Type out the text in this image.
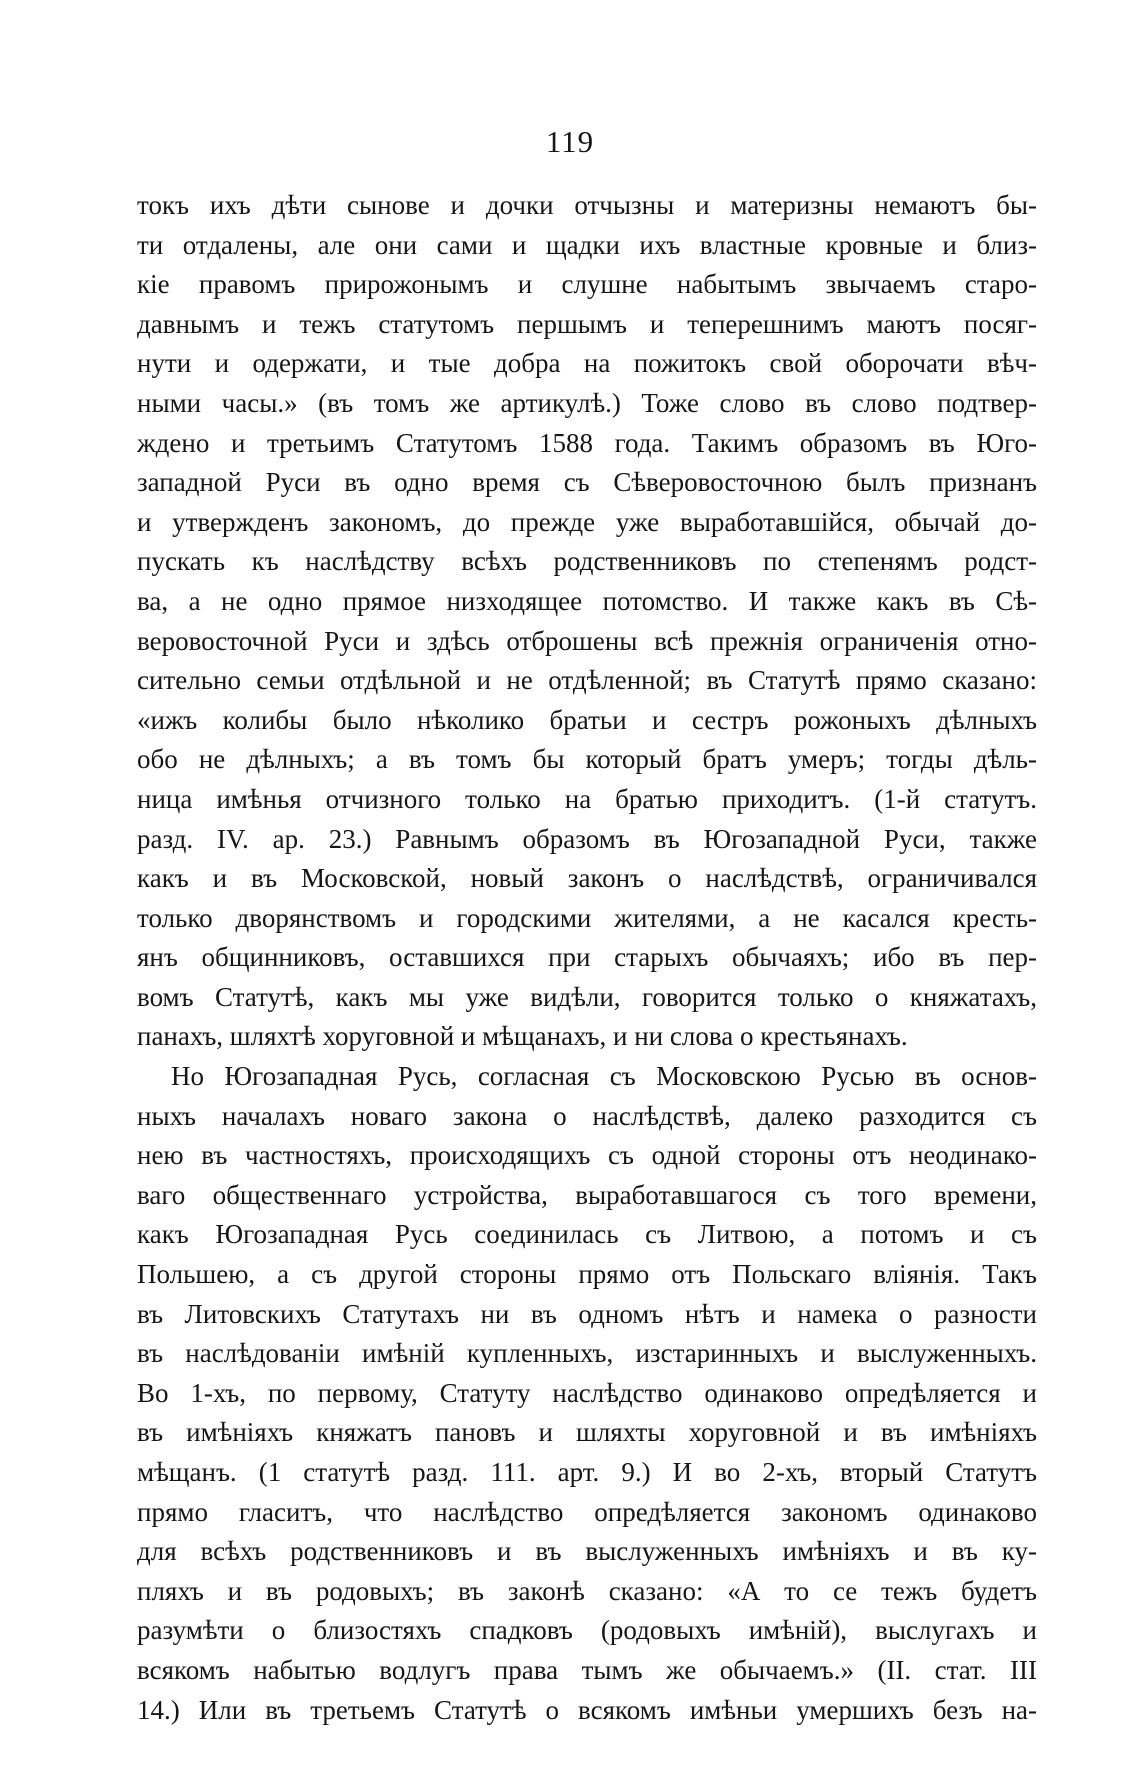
119
токъ ихъ дѣти сынове и дочки отчызны и материзны немаютъ бы-
ти отдалены, але они сами и щадки ихъ властные кровные и близ-
кіе правомъ прирожонымъ и слушне набытымъ звычаемъ старо-
давнымъ и тежъ статутомъ першымъ и теперешнимъ маютъ посяг-
нути и одержати, и тые добра на пожитокъ свой оборочати вѣч-
ными часы.» (въ томъ же артикулѣ.) Тоже слово въ слово подтвер-
ждено и третьимъ Статутомъ 1588 года. Такимъ образомъ въ Юго-
западной Руси въ одно время съ Сѣверовосточною былъ признанъ
и утвержденъ закономъ, до прежде уже выработавшійся, обычай до-
пускать къ наслѣдству всѣхъ родственниковъ по степенямъ родст-
ва, а не одно прямое низходящее потомство. И также какъ въ Сѣ-
веровосточной Руси и здѣсь отброшены всѣ прежнія ограниченія отно-
сительно семьи отдѣльной и не отдѣленной; въ Статутѣ прямо сказано:
«ижъ колибы было нѣколико братьи и сестръ рожоныхъ дѣлныхъ
обо не дѣлныхъ; а въ томъ бы который братъ умеръ; тогды дѣль-
ница имѣнья отчизного только на братью приходитъ. (1-й статутъ.
разд. IV. ар. 23.) Равнымъ образомъ въ Югозападной Руси, также
какъ и въ Московской, новый законъ о наслѣдствѣ, ограничивался
только дворянствомъ и городскими жителями, а не касался кресть-
янъ общинниковъ, оставшихся при старыхъ обычаяхъ; ибо въ пер-
вомъ Статутѣ, какъ мы уже видѣли, говорится только о княжатахъ,
панахъ, шляхтѣ хоруговной и мѣщанахъ, и ни слова о крестьянахъ.
Но Югозападная Русь, согласная съ Московскою Русью въ основ-
ныхъ началахъ новаго закона о наслѣдствѣ, далеко разходится съ
нею въ частностяхъ, происходящихъ съ одной стороны отъ неодинако-
ваго общественнаго устройства, выработавшагося съ того времени,
какъ Югозападная Русь соединилась съ Литвою, а потомъ и съ
Польшею, а съ другой стороны прямо отъ Польскаго вліянія. Такъ
въ Литовскихъ Статутахъ ни въ одномъ нѣтъ и намека о разности
въ наслѣдованіи имѣній купленныхъ, изстаринныхъ и выслуженныхъ.
Во 1-хъ, по первому, Статуту наслѣдство одинаково опредѣляется и
въ имѣніяхъ княжатъ пановъ и шляхты хоруговной и въ имѣніяхъ
мѣщанъ. (1 статутѣ разд. 111. арт. 9.) И во 2-хъ, вторый Статутъ
прямо гласитъ, что наслѣдство опредѣляется закономъ одинаково
для всѣхъ родственниковъ и въ выслуженныхъ имѣніяхъ и въ ку-
пляхъ и въ родовыхъ; въ законѣ сказано: «А то се тежъ будетъ
разумѣти о близостяхъ спадковъ (родовыхъ имѣній), выслугахъ и
всякомъ набытью водлугъ права тымъ же обычаемъ.» (II. стат. III
14.) Или въ третьемъ Статутѣ о всякомъ имѣньи умершихъ безъ на-
